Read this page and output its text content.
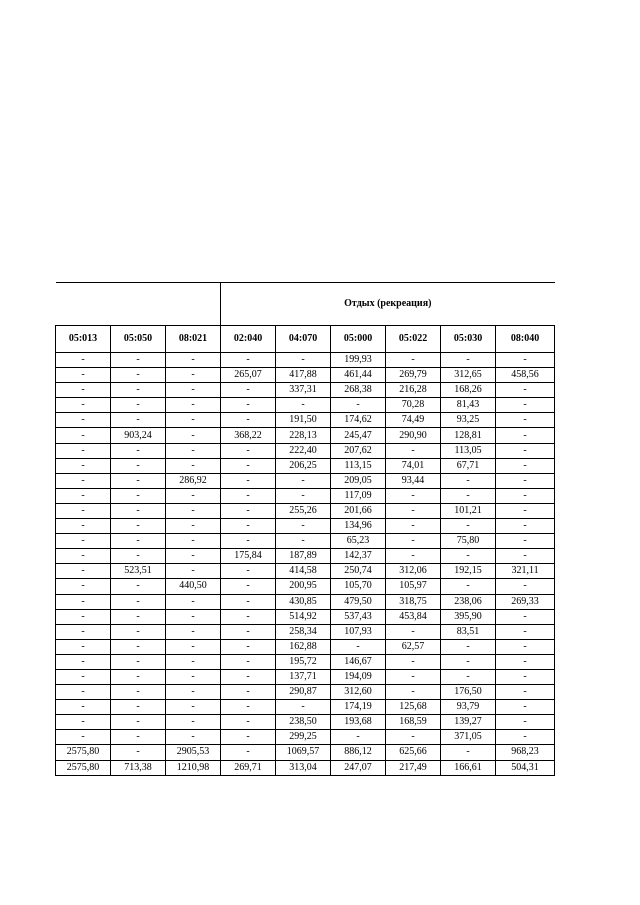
			Отдых (рекреация)					
05:013	05:050	08:021	02:040	04:070	05:000	05:022	05:030	08:040
-	-	-	-	-	199,93	-	-	-
-	-	-	265,07	417,88	461,44	269,79	312,65	458,56
-	-	-	-	337,31	268,38	216,28	168,26	-
-	-	-	-	-	-	70,28	81,43	-
-	-	-	-	191,50	174,62	74,49	93,25	-
-	903,24	-	368,22	228,13	245,47	290,90	128,81	-
-	-	-	-	222,40	207,62	-	113,05	-
-	-	-	-	206,25	113,15	74,01	67,71	-
-	-	286,92	-	-	209,05	93,44	-	-
-	-	-	-	-	117,09	-	-	-
-	-	-	-	255,26	201,66	-	101,21	-
-	-	-	-	-	134,96	-	-	-
-	-	-	-	-	65,23	-	75,80	-
-	-	-	175,84	187,89	142,37	-	-	-
-	523,51	-	-	414,58	250,74	312,06	192,15	321,11
-	-	440,50	-	200,95	105,70	105,97	-	-
-	-	-	-	430,85	479,50	318,75	238,06	269,33
-	-	-	-	514,92	537,43	453,84	395,90	-
-	-	-	-	258,34	107,93	-	83,51	-
-	-	-	-	162,88	-	62,57	-	-
-	-	-	-	195,72	146,67	-	-	-
-	-	-	-	137,71	194,09	-	-	-
-	-	-	-	290,87	312,60	-	176,50	-
-	-	-	-	-	174,19	125,68	93,79	-
-	-	-	-	238,50	193,68	168,59	139,27	-
-	-	-	-	299,25	-	-	371,05	-
2575,80	-	2905,53	-	1069,57	886,12	625,66	-	968,23
2575,80	713,38	1210,98	269,71	313,04	247,07	217,49	166,61	504,31
